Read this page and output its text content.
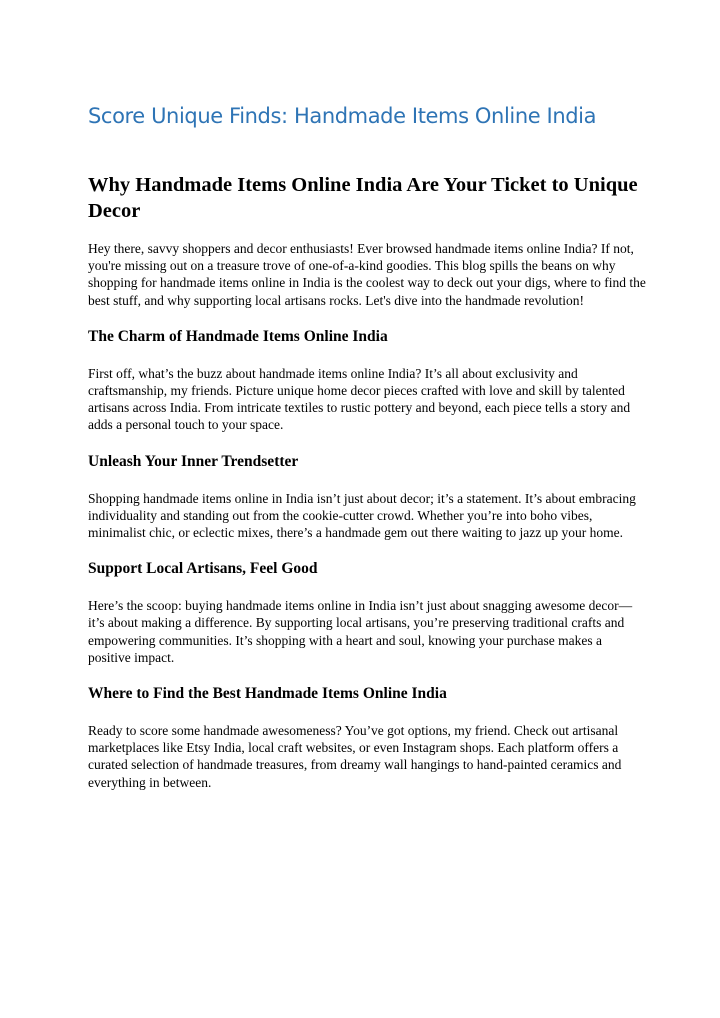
Score Unique Finds: Handmade Items Online India
Why Handmade Items Online India Are Your Ticket to Unique Decor

Hey there, savvy shoppers and decor enthusiasts! Ever browsed handmade items online India? If not, you're missing out on a treasure trove of one-of-a-kind goodies. This blog spills the beans on why shopping for handmade items online in India is the coolest way to deck out your digs, where to find the best stuff, and why supporting local artisans rocks. Let's dive into the handmade revolution!

The Charm of Handmade Items Online India

First off, what’s the buzz about handmade items online India? It’s all about exclusivity and craftsmanship, my friends. Picture unique home decor pieces crafted with love and skill by talented artisans across India. From intricate textiles to rustic pottery and beyond, each piece tells a story and adds a personal touch to your space.

Unleash Your Inner Trendsetter

Shopping handmade items online in India isn’t just about decor; it’s a statement. It’s about embracing individuality and standing out from the cookie-cutter crowd. Whether you’re into boho vibes, minimalist chic, or eclectic mixes, there’s a handmade gem out there waiting to jazz up your home.

Support Local Artisans, Feel Good

Here’s the scoop: buying handmade items online in India isn’t just about snagging awesome decor—it’s about making a difference. By supporting local artisans, you’re preserving traditional crafts and empowering communities. It’s shopping with a heart and soul, knowing your purchase makes a positive impact.

Where to Find the Best Handmade Items Online India

Ready to score some handmade awesomeness? You’ve got options, my friend. Check out artisanal marketplaces like Etsy India, local craft websites, or even Instagram shops. Each platform offers a curated selection of handmade treasures, from dreamy wall hangings to hand-painted ceramics and everything in between.
